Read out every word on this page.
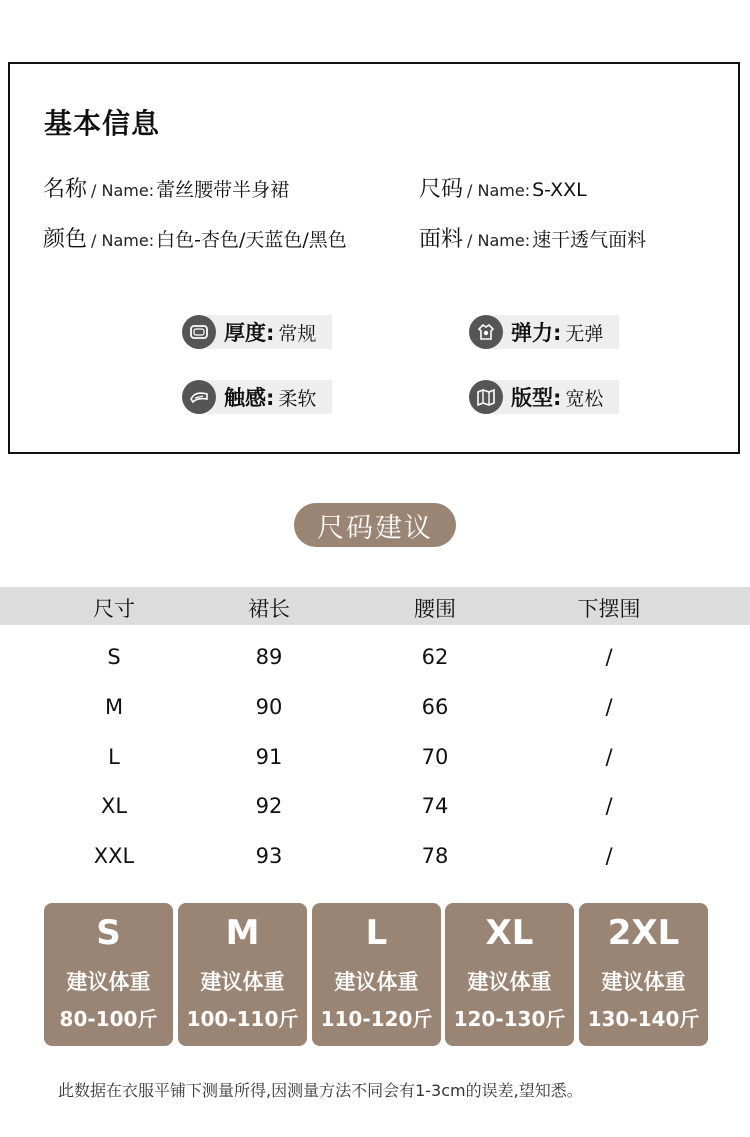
基本信息
名称 / Name : 蕾丝腰带半身裙	尺码 / Name : S-XXL
颜色 / Name : 白色-杏色/天蓝色/黑色	面料 / Name : 速干透气面料
厚度: 常规	弹力: 无弹
触感: 柔软	版型: 宽松
尺码建议
尺寸	裙长	腰围	下摆围
S	89	62	/
M	90	66	/
L	91	70	/
XL	92	74	/
XXL	93	78	/
S
建议体重
80-100斤
M
建议体重
100-110斤
L
建议体重
110-120斤
XL
建议体重
120-130斤
2XL
建议体重
130-140斤
此数据在衣服平铺下测量所得,因测量方法不同会有1-3cm的误差,望知悉。
